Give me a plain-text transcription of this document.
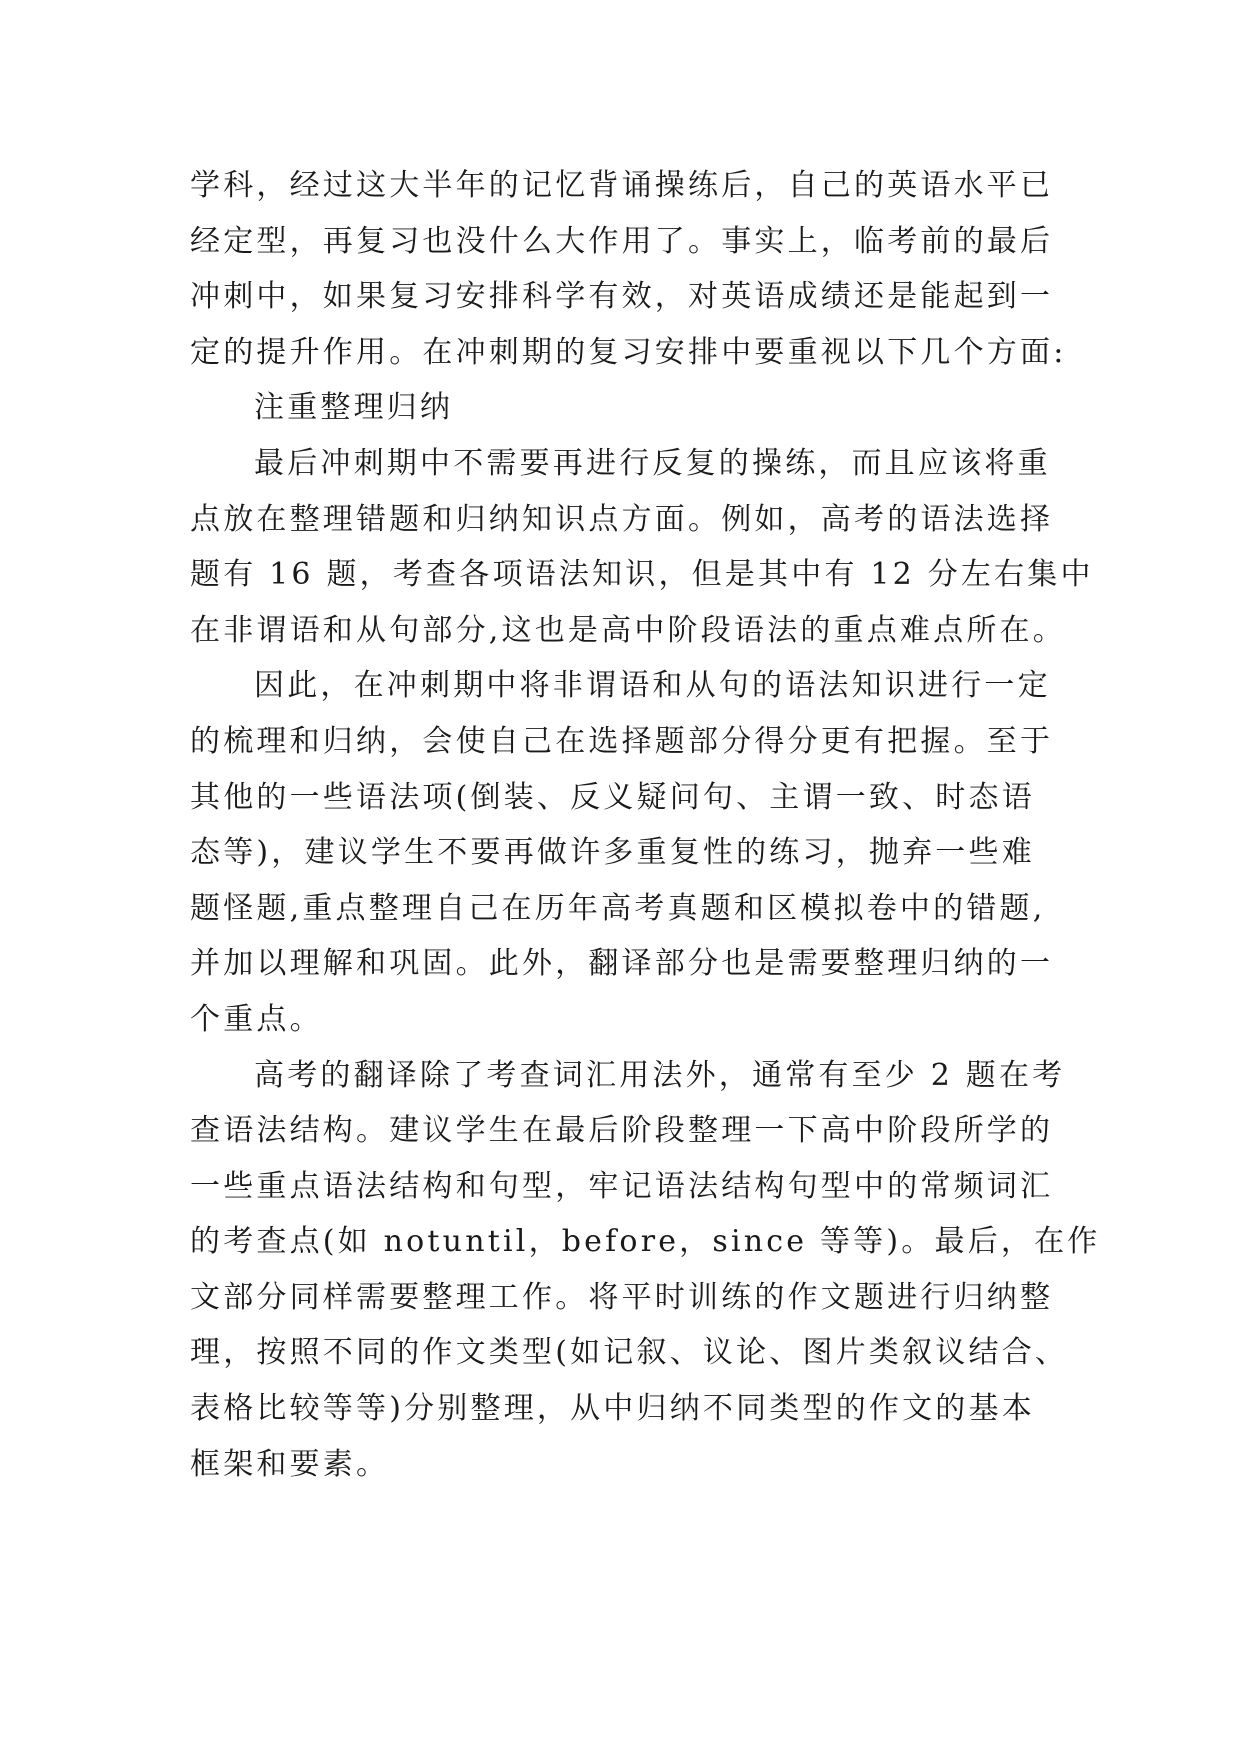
学科，经过这大半年的记忆背诵操练后，自己的英语水平已
经定型，再复习也没什么大作用了。事实上，临考前的最后
冲刺中，如果复习安排科学有效，对英语成绩还是能起到一
定的提升作用。在冲刺期的复习安排中要重视以下几个方面:
注重整理归纳
最后冲刺期中不需要再进行反复的操练，而且应该将重
点放在整理错题和归纳知识点方面。例如，高考的语法选择
题有 16 题，考查各项语法知识，但是其中有 12 分左右集中
在非谓语和从句部分,这也是高中阶段语法的重点难点所在。
因此，在冲刺期中将非谓语和从句的语法知识进行一定
的梳理和归纳，会使自己在选择题部分得分更有把握。至于
其他的一些语法项(倒装、反义疑问句、主谓一致、时态语
态等)，建议学生不要再做许多重复性的练习，抛弃一些难
题怪题,重点整理自己在历年高考真题和区模拟卷中的错题,
并加以理解和巩固。此外，翻译部分也是需要整理归纳的一
个重点。
高考的翻译除了考查词汇用法外，通常有至少 2 题在考
查语法结构。建议学生在最后阶段整理一下高中阶段所学的
一些重点语法结构和句型，牢记语法结构句型中的常频词汇
的考查点(如 notuntil，before，since 等等)。最后，在作
文部分同样需要整理工作。将平时训练的作文题进行归纳整
理，按照不同的作文类型(如记叙、议论、图片类叙议结合、
表格比较等等)分别整理，从中归纳不同类型的作文的基本
框架和要素。
